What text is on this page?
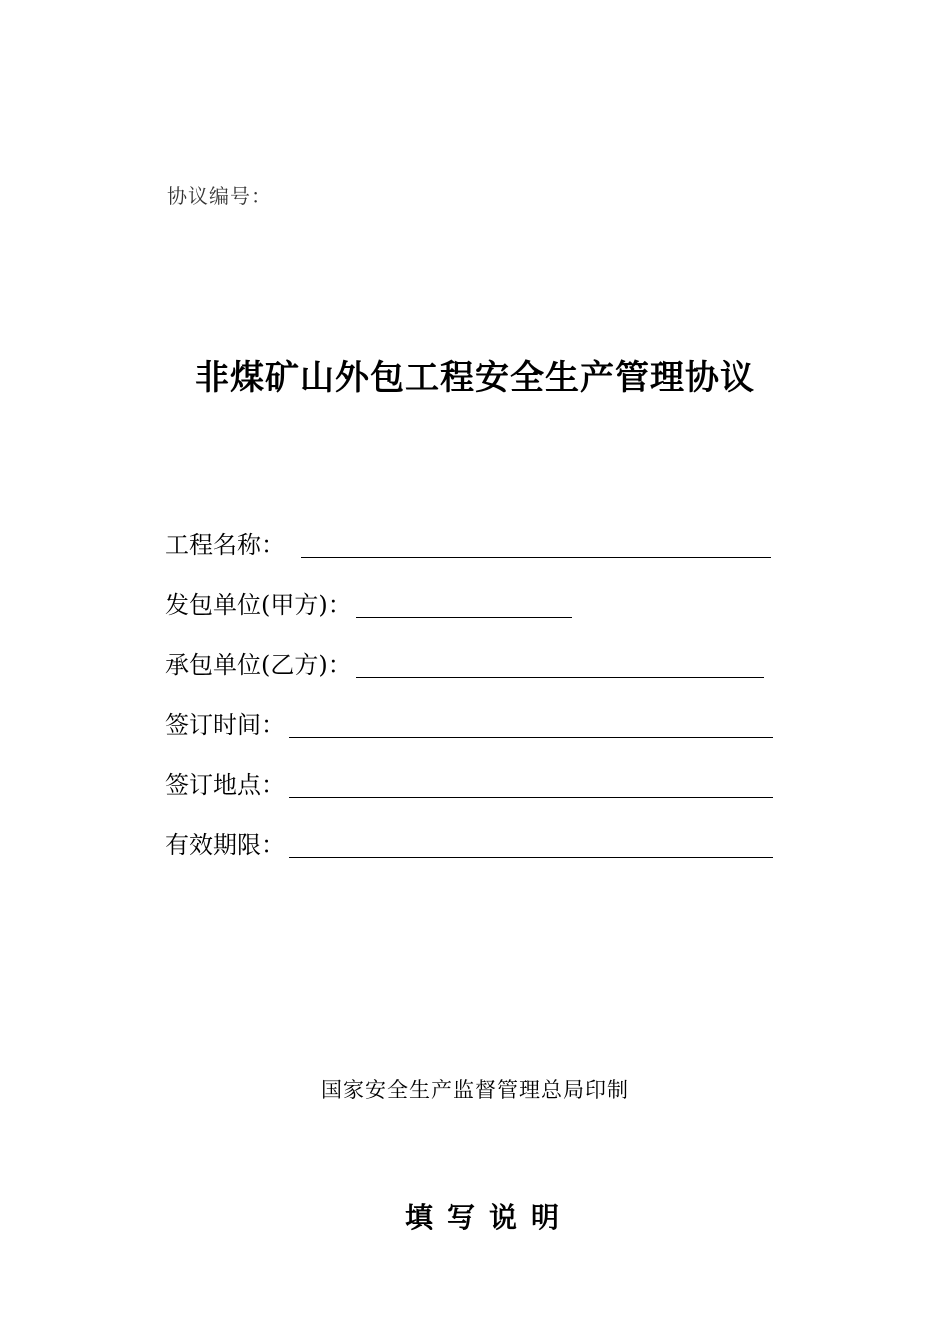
协议编号：
非煤矿山外包工程安全生产管理协议
工程名称：
发包单位(甲方)：
承包单位(乙方)：
签订时间：
签订地点：
有效期限：
国家安全生产监督管理总局印制
填写说明
